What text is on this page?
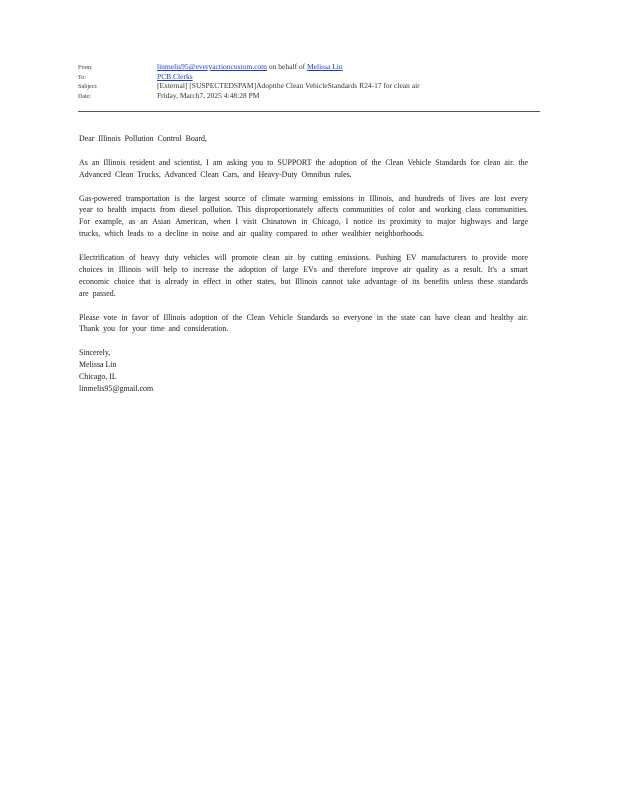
From:	linmelis95@everyactioncustom.com on behalf of Melissa Lin
To:	PCB.Clerks
Subject:	[External] [SUSPECTEDSPAM]Adoptthe Clean VehicleStandards R24-17 for clean air
Date:	Friday, March7, 2025 4:48:28 PM

Dear Illinois Pollution Control Board,

As an Illinois resident and scientist, I am asking you to SUPPORT the adoption of the Clean Vehicle Standards for clean air. the Advanced Clean Trucks, Advanced Clean Cars, and Heavy-Duty Omnibus rules.

Gas-powered transportation is the largest source of climate warming emissions in Illinois, and hundreds of lives are lost every year to health impacts from diesel pollution. This disproportionately affects communities of color and working class communities. For example, as an Asian American, when I visit Chinatown in Chicago, I notice its proximity to major highways and large trucks, which leads to a decline in noise and air quality compared to other wealthier neighborhoods.

Electrification of heavy duty vehicles will promote clean air by cutting emissions. Pushing EV manufacturers to provide more choices in Illinois will help to increase the adoption of large EVs and therefore improve air quality as a result. It's a smart economic choice that is already in effect in other states, but Illinois cannot take advantage of its benefits unless these standards are passed.

Please vote in favor of Illinois adoption of the Clean Vehicle Standards so everyone in the state can have clean and healthy air. Thank you for your time and consideration.

Sincerely,
Melissa Lin
Chicago, IL
linmelis95@gmail.com
